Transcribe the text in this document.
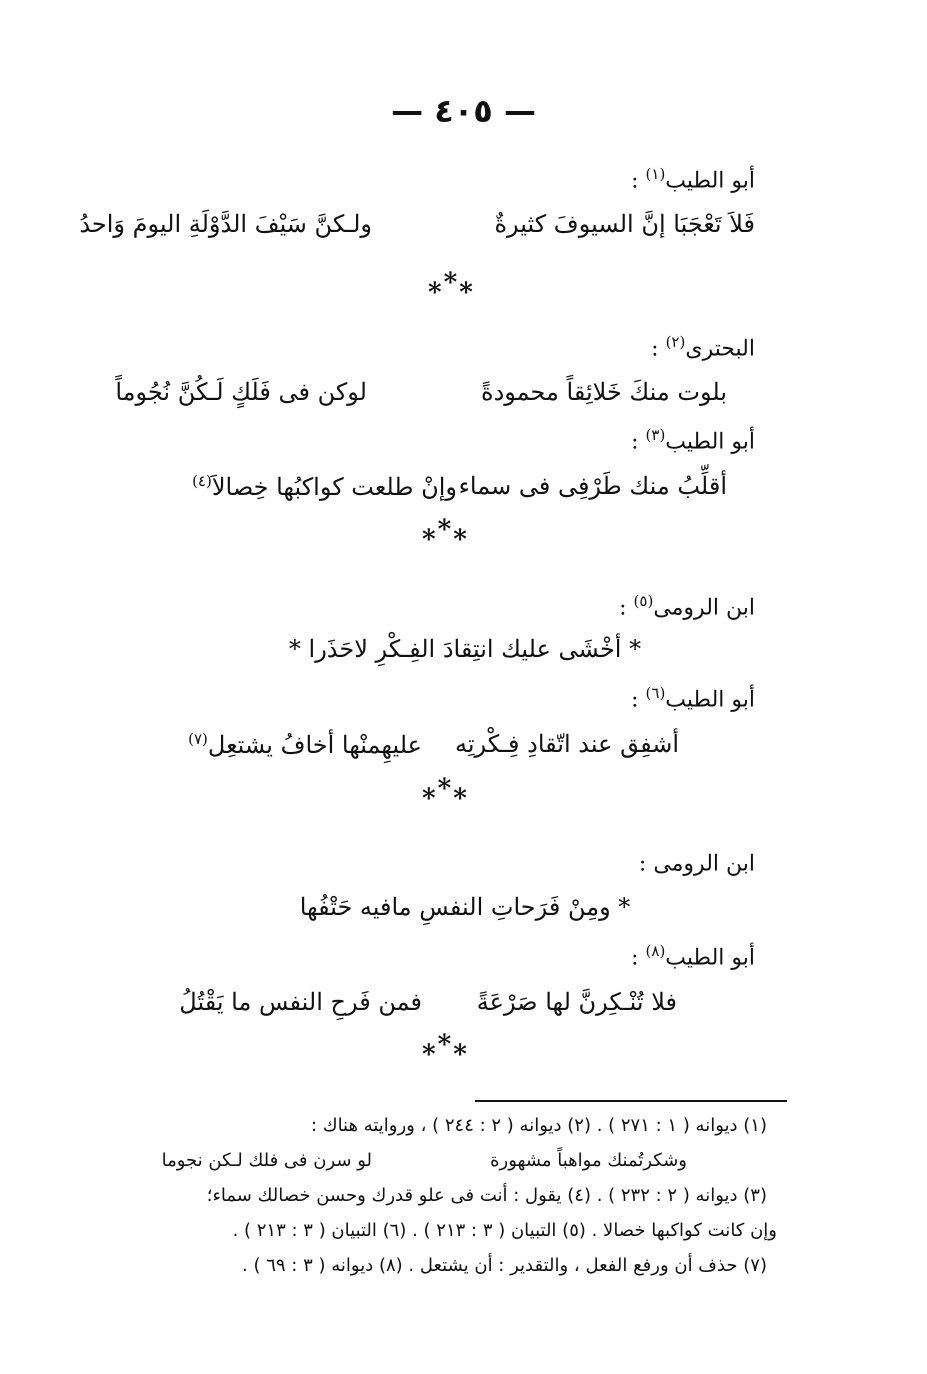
— ٤٠٥ —
أبو الطيب$^{(١)}$ :
فَلاَ تَعْجَبَا إنَّ السيوفَ كثيرةٌ
ولـكنَّ سَيْفَ الدَّوْلَةِ اليومَ وَاحدُ
***
البحترى$^{(٢)}$ :
بلوت منكَ خَلائِقاً محمودةً
لوكن فى فَلَكٍ لَـكُنَّ نُجُوماً
أبو الطيب$^{(٣)}$ :
أقلِّبُ منك طَرْفِى فى سماء
وإنْ طلعت كواكبُها خِصالاَ$^{(٤)}$
***
ابن الرومى$^{(٥)}$ :
* أخْشَى عليك انتِقادَ الفِـكْرِ لاحَذَرا *
أبو الطيب$^{(٦)}$ :
أشفِق عند اتّقادِ فِـكْرتِه
عليهِمنْها أخافُ يشتعِل$^{(٧)}$
***
ابن الرومى :
* ومِنْ فَرَحاتِ النفسِ مافيه حَتْفُها
أبو الطيب$^{(٨)}$ :
فلا تُنْـكِرنَّ لها صَرْعَةً
فمن فَرحِ النفس ما يَقْتُلُ
***
(١) ديوانه ( ١ : ٢٧١ ) . (٢) ديوانه ( ٢ : ٢٤٤ ) ، وروايته هناك :
وشكرتُمنك مواهباً مشهورة
لو سرن فى فلك لـكن نجوما
(٣) ديوانه ( ٢ : ٢٣٢ ) . (٤) يقول : أنت فى علو قدرك وحسن خصالك سماء؛
وإن كانت كواكبها خصالا . (٥) التبيان ( ٣ : ٢١٣ ) . (٦) التبيان ( ٣ : ٢١٣ ) .
(٧) حذف أن ورفع الفعل ، والتقدير : أن يشتعل . (٨) ديوانه ( ٣ : ٦٩ ) .
